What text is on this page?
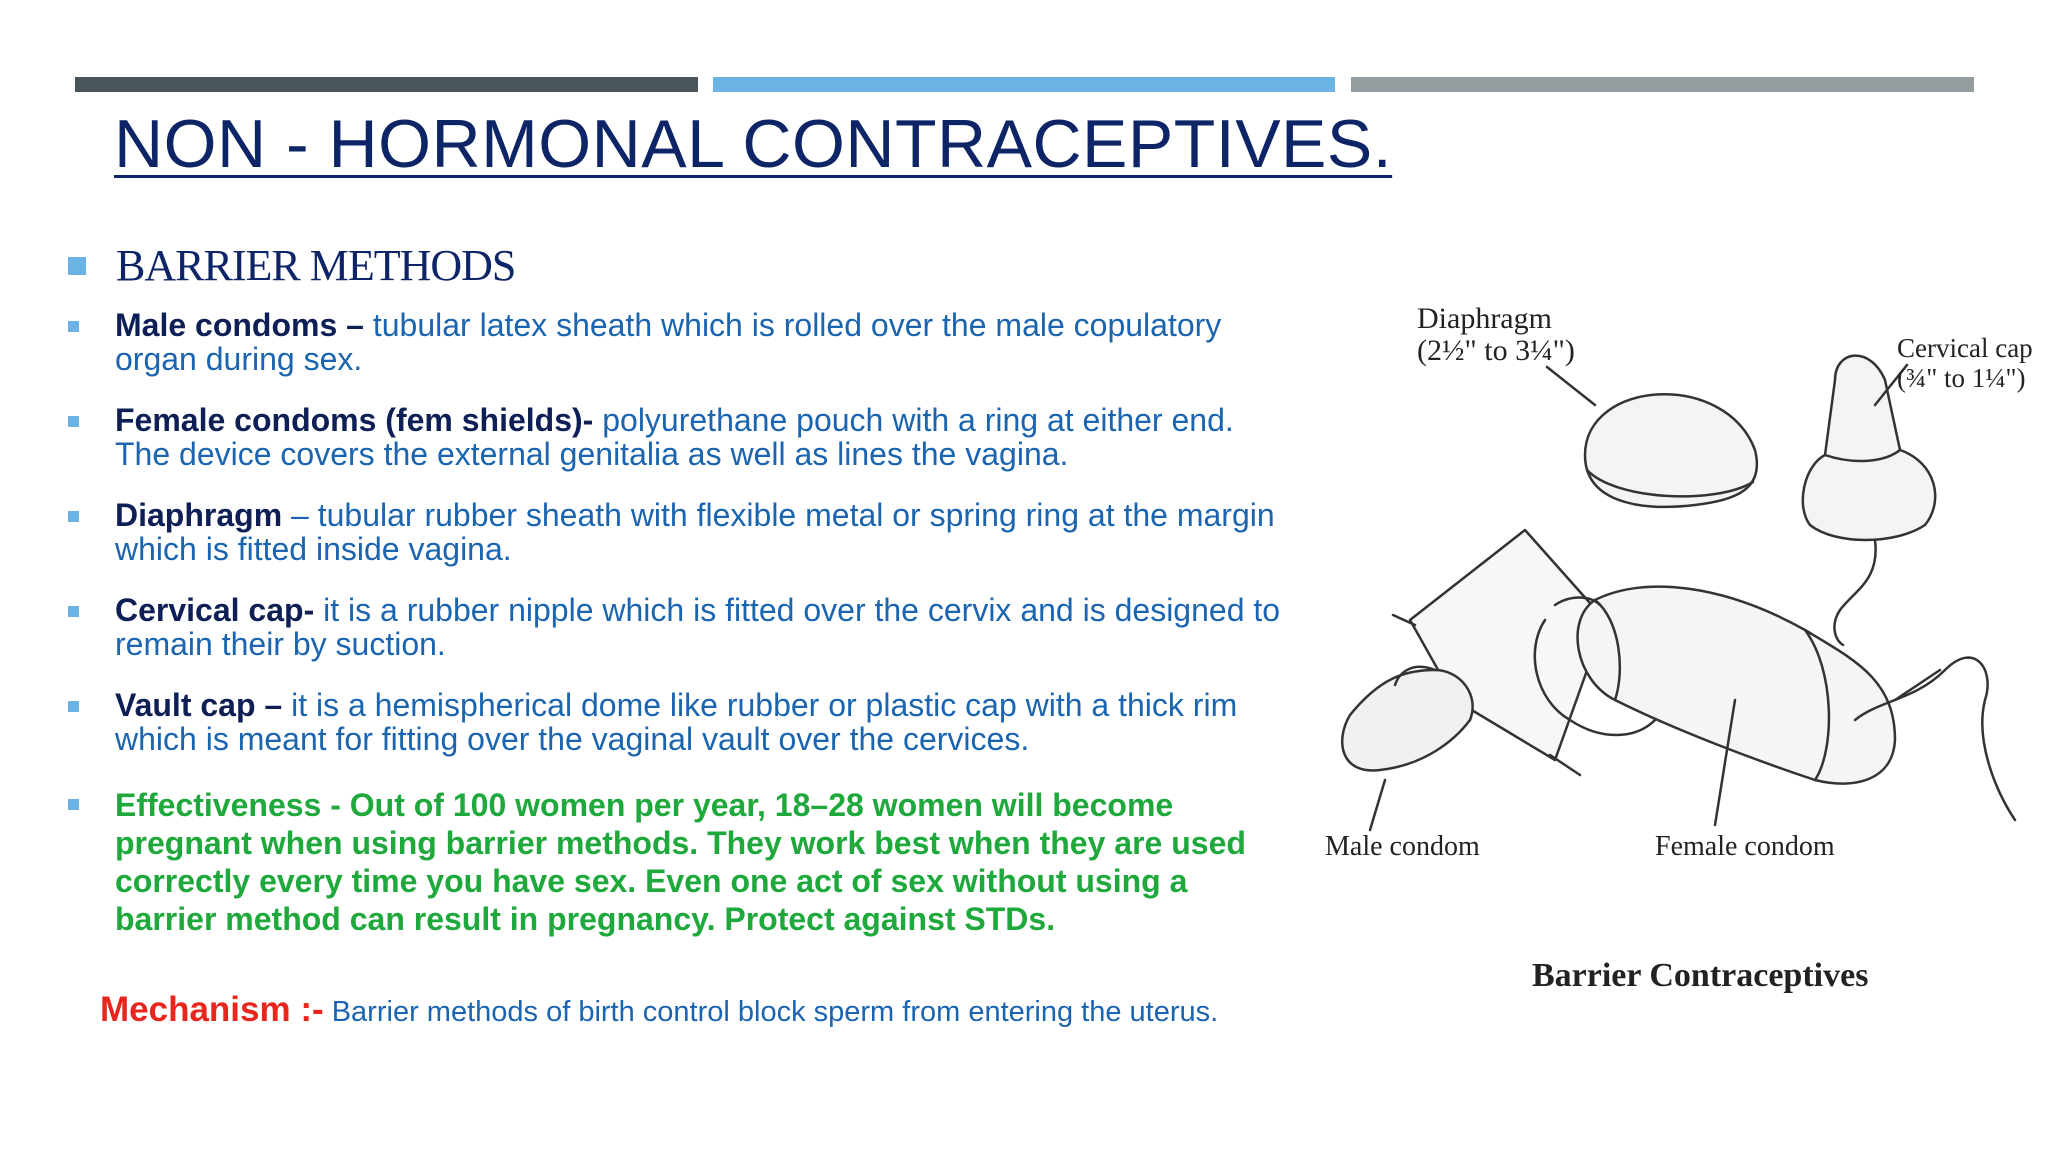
NON - HORMONAL CONTRACEPTIVES.
BARRIER METHODS
Male condoms – tubular latex sheath which is rolled over the male copulatory organ during sex.
Female condoms (fem shields)- polyurethane pouch with a ring at either end. The device covers the external genitalia as well as lines the vagina.
Diaphragm – tubular rubber sheath with flexible metal or spring ring at the margin which is fitted inside vagina.
Cervical cap- it is a rubber nipple which is fitted over the cervix and is designed to remain their by suction.
Vault cap – it is a hemispherical dome like rubber or plastic cap with a thick rim which is meant for fitting over the vaginal vault over the cervices.
Effectiveness - Out of 100 women per year, 18–28 women will become pregnant when using barrier methods. They work best when they are used correctly every time you have sex. Even one act of sex without using a barrier method can result in pregnancy. Protect against STDs.
Mechanism :- Barrier methods of birth control block sperm from entering the uterus.
Diaphragm
(2½" to 3¼")	Cervical cap
(¾" to 1¼")
Male condom	Female condom
Barrier Contraceptives
